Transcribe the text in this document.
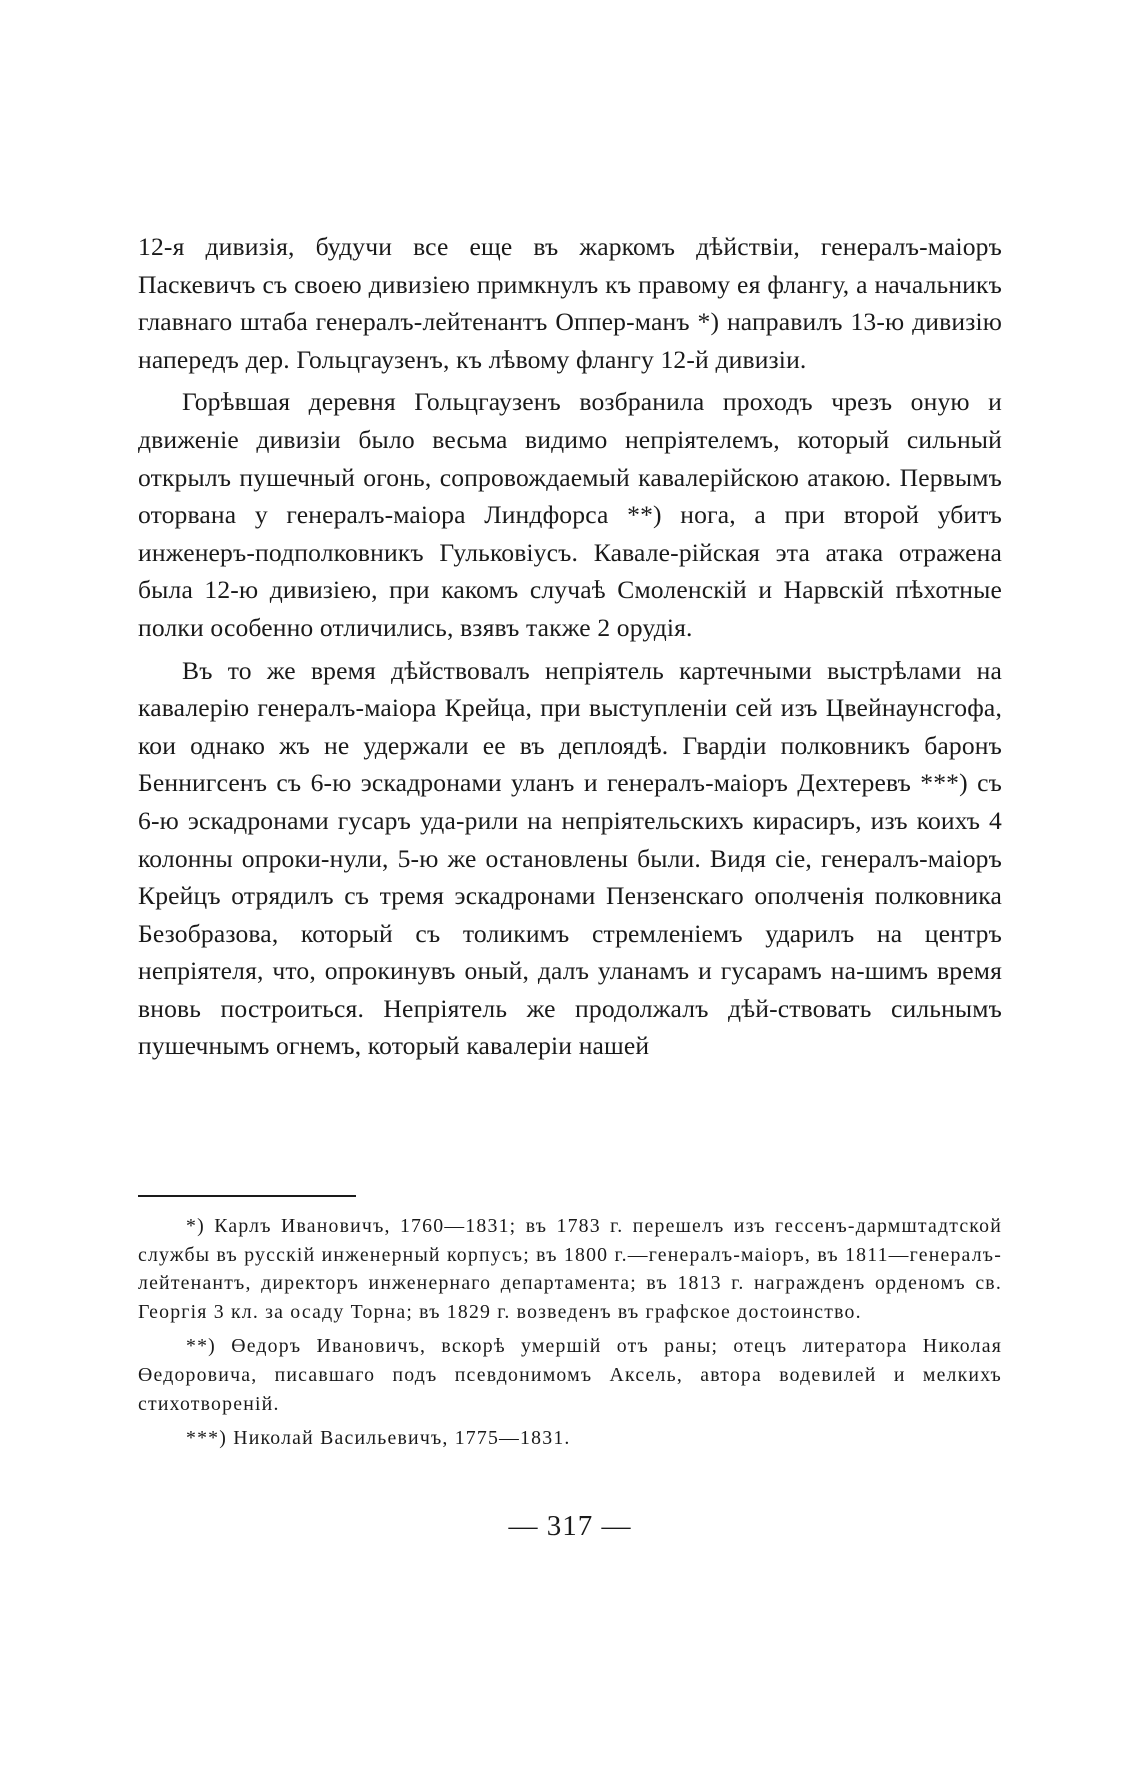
12-я дивизія, будучи все еще въ жаркомъ дѣйствіи, генералъ-маіоръ Паскевичъ съ своею дивизіею примкнулъ къ правому ея флангу, а начальникъ главнаго штаба генералъ-лейтенантъ Оппер-манъ *) направилъ 13-ю дивизію напередъ дер. Гольцгаузенъ, къ лѣвому флангу 12-й дивизіи.

Горѣвшая деревня Гольцгаузенъ возбранила проходъ чрезъ оную и движеніе дивизіи было весьма видимо непріятелемъ, который сильный открылъ пушечный огонь, сопровождаемый кавалерійскою атакою. Первымъ оторвана у генералъ-маіора Линдфорса **) нога, а при второй убитъ инженеръ-подполковникъ Гульковіусъ. Кавале-рійская эта атака отражена была 12-ю дивизіею, при какомъ случаѣ Смоленскій и Нарвскій пѣхотные полки особенно отличились, взявъ также 2 орудія.

Въ то же время дѣйствовалъ непріятель картечными выстрѣлами на кавалерію генералъ-маіора Крейца, при выступленіи сей изъ Цвейнаунсгофа, кои однако жъ не удержали ее въ деплоядѣ. Гвардіи полковникъ баронъ Беннигсенъ съ 6-ю эскадронами уланъ и генералъ-маіоръ Дехтеревъ ***) съ 6-ю эскадронами гусаръ уда-рили на непріятельскихъ кирасиръ, изъ коихъ 4 колонны опроки-нули, 5-ю же остановлены были. Видя сіе, генералъ-маіоръ Крейцъ отрядилъ съ тремя эскадронами Пензенскаго ополченія полковника Безобразова, который съ толикимъ стремленіемъ ударилъ на центръ непріятеля, что, опрокинувъ оный, далъ уланамъ и гусарамъ на-шимъ время вновь построиться. Непріятель же продолжалъ дѣй-ствовать сильнымъ пушечнымъ огнемъ, который кавалеріи нашей

*) Карлъ Ивановичъ, 1760—1831; въ 1783 г. перешелъ изъ гессенъ-дармштадтской службы въ русскій инженерный корпусъ; въ 1800 г.—генералъ-маіоръ, въ 1811—генералъ-лейтенантъ, директоръ инженернаго департамента; въ 1813 г. награжденъ орденомъ св. Георгія 3 кл. за осаду Торна; въ 1829 г. возведенъ въ графское достоинство.

**) Өедоръ Ивановичъ, вскорѣ умершій отъ раны; отецъ литератора Николая Өедоровича, писавшаго подъ псевдонимомъ Аксель, автора водевилей и мелкихъ стихотвореній.

***) Николай Васильевичъ, 1775—1831.

— 317 —
